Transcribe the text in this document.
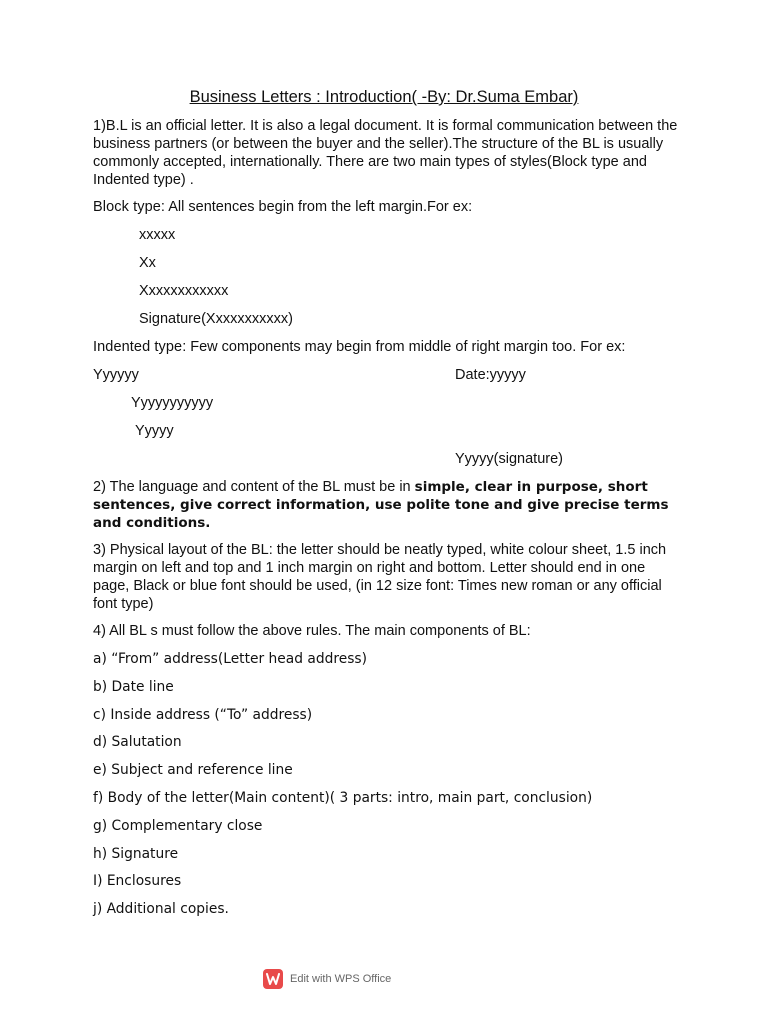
Business Letters : Introduction( -By: Dr.Suma Embar)

1)B.L is an official letter. It is also a legal document. It is formal communication between the business partners (or between the buyer and the seller).The structure of the BL is usually commonly accepted, internationally. There are two main types of styles(Block type and Indented type) .

Block type: All sentences begin from the left margin.For ex:
xxxxx
Xx
Xxxxxxxxxxxx
Signature(Xxxxxxxxxxx)
Indented type: Few components may begin from middle of right margin too. For ex:
Yyyyyy	Date:yyyyy
Yyyyyyyyyyy
Yyyyy
Yyyyy(signature)

2) The language and content of the BL must be in simple, clear in purpose, short sentences, give correct information, use polite tone and give precise terms and conditions.

3) Physical layout of the BL: the letter should be neatly typed, white colour sheet, 1.5 inch margin on left and top and 1 inch margin on right and bottom. Letter should end in one page, Black or blue font should be used, (in 12 size font: Times new roman or any official font type)

4) All BL s must follow the above rules. The main components of BL:
a) “From” address(Letter head address)
b) Date line
c) Inside address (“To” address)
d) Salutation
e) Subject and reference line
f) Body of the letter(Main content)( 3 parts: intro, main part, conclusion)
g) Complementary close
h) Signature
I) Enclosures
j) Additional copies.
Edit with WPS Office
